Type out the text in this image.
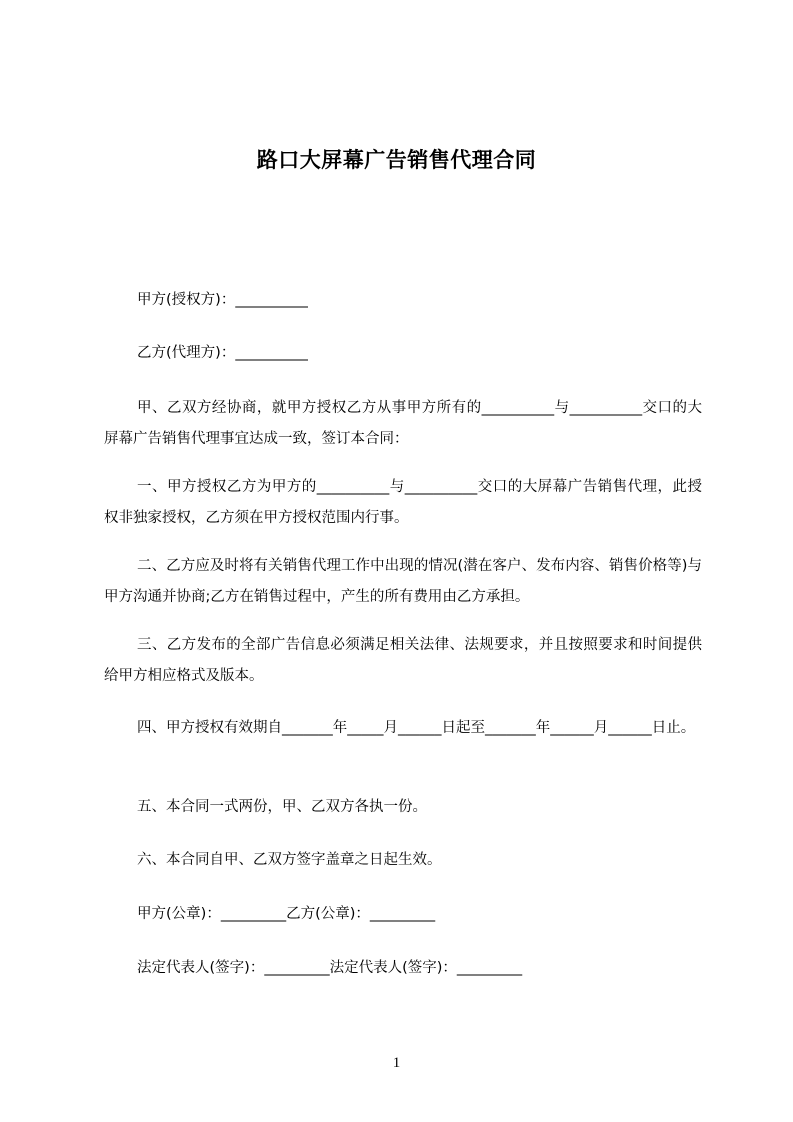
路口大屏幕广告销售代理合同

甲方(授权方)：__________

乙方(代理方)：__________

甲、乙双方经协商，就甲方授权乙方从事甲方所有的__________与__________交口的大屏幕广告销售代理事宜达成一致，签订本合同：

一、甲方授权乙方为甲方的__________与__________交口的大屏幕广告销售代理，此授权非独家授权，乙方须在甲方授权范围内行事。

二、乙方应及时将有关销售代理工作中出现的情况(潜在客户、发布内容、销售价格等)与甲方沟通并协商;乙方在销售过程中，产生的所有费用由乙方承担。

三、乙方发布的全部广告信息必须满足相关法律、法规要求，并且按照要求和时间提供给甲方相应格式及版本。

四、甲方授权有效期自_______年_____月______日起至_______年______月______日止。

五、本合同一式两份，甲、乙双方各执一份。

六、本合同自甲、乙双方签字盖章之日起生效。

甲方(公章)：_________乙方(公章)：_________

法定代表人(签字)：_________法定代表人(签字)：_________

1
